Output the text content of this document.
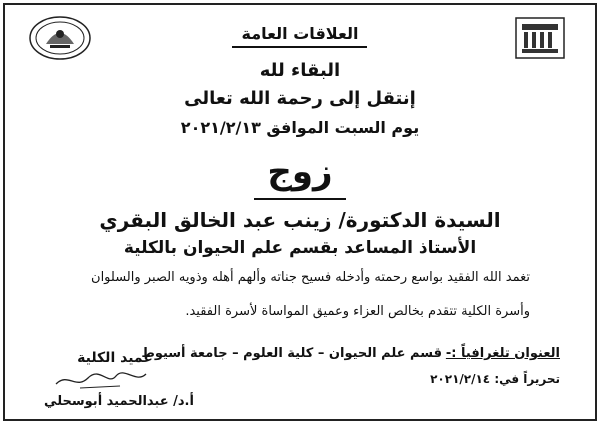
العلاقات العامة
البقاء لله
إنتقل إلى رحمة الله تعالى
يوم السبت الموافق ٢٠٢١/٢/١٣
زوج
السيدة الدكتورة/ زينب عبد الخالق البقري
الأستاذ المساعد بقسم علم الحيوان بالكلية
تغمد الله الفقيد بواسع رحمته وأدخله فسيح جناته وألهم أهله وذويه الصبر والسلوان
وأسرة الكلية تتقدم بخالص العزاء وعميق المواساة لأسرة الفقيد.
العنوان تلغرافياً :-
قسم علم الحيوان – كلية العلوم – جامعة أسيوط
تحريراً في: ٢٠٢١/٢/١٤
عميد الكلية
أ.د/ عبدالحميد أبوسحلي
